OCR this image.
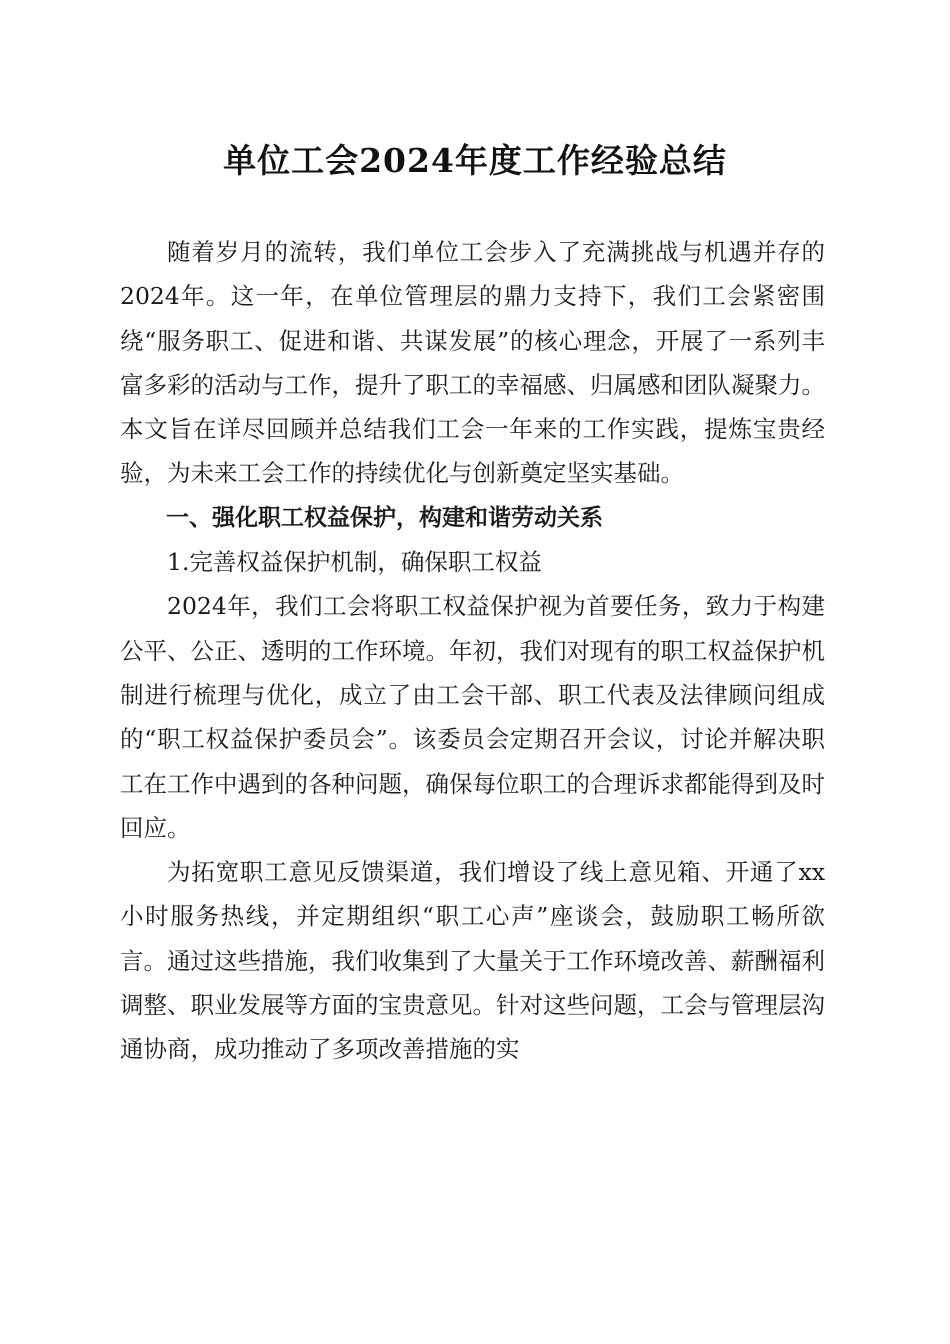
单位工会2024年度工作经验总结

随着岁月的流转，我们单位工会步入了充满挑战与机遇并存的2024年。这一年，在单位管理层的鼎力支持下，我们工会紧密围绕“服务职工、促进和谐、共谋发展”的核心理念，开展了一系列丰富多彩的活动与工作，提升了职工的幸福感、归属感和团队凝聚力。本文旨在详尽回顾并总结我们工会一年来的工作实践，提炼宝贵经验，为未来工会工作的持续优化与创新奠定坚实基础。

一、强化职工权益保护，构建和谐劳动关系

1.完善权益保护机制，确保职工权益

2024年，我们工会将职工权益保护视为首要任务，致力于构建公平、公正、透明的工作环境。年初，我们对现有的职工权益保护机制进行梳理与优化，成立了由工会干部、职工代表及法律顾问组成的“职工权益保护委员会”。该委员会定期召开会议，讨论并解决职工在工作中遇到的各种问题，确保每位职工的合理诉求都能得到及时回应。

为拓宽职工意见反馈渠道，我们增设了线上意见箱、开通了xx小时服务热线，并定期组织“职工心声”座谈会，鼓励职工畅所欲言。通过这些措施，我们收集到了大量关于工作环境改善、薪酬福利调整、职业发展等方面的宝贵意见。针对这些问题，工会与管理层沟通协商，成功推动了多项改善措施的实
